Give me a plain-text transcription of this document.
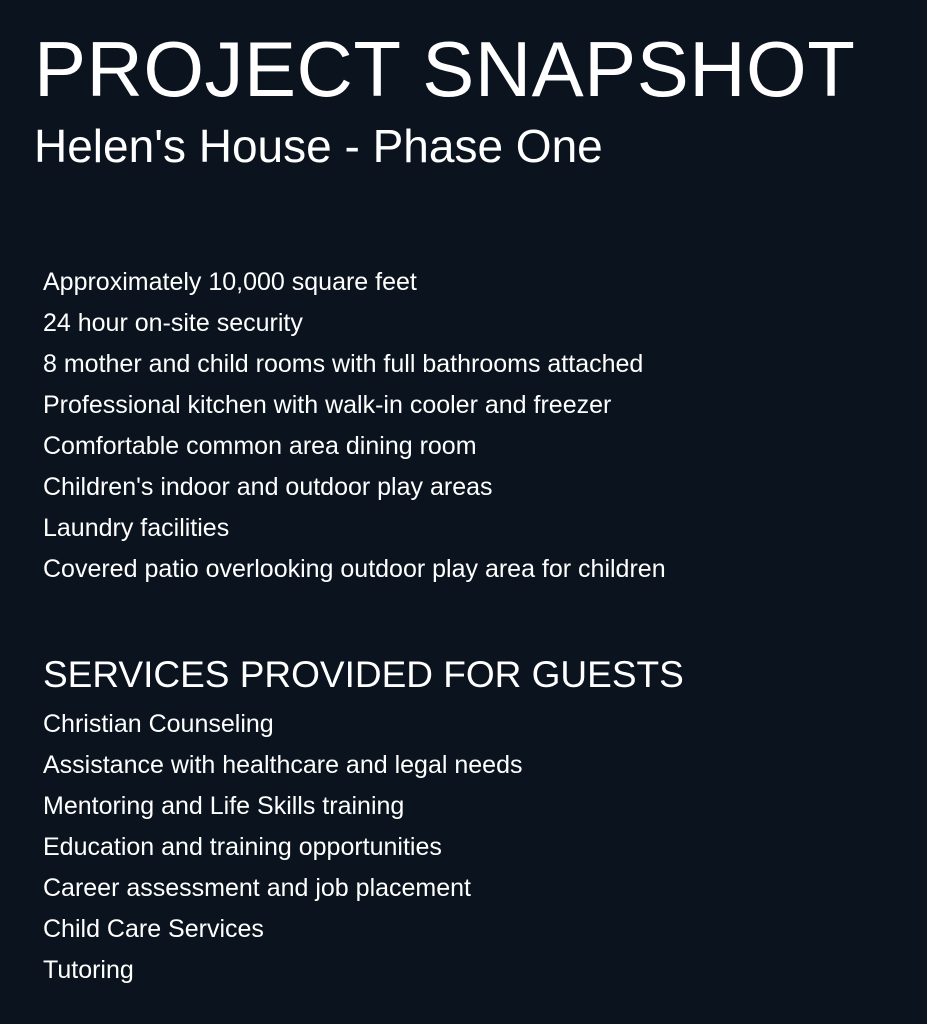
PROJECT SNAPSHOT
Helen's House - Phase One
Approximately 10,000 square feet
24 hour on-site security
8 mother and child rooms with full bathrooms attached
Professional kitchen with walk-in cooler and freezer
Comfortable common area dining room
Children's indoor and outdoor play areas
Laundry facilities
Covered patio overlooking outdoor play area for children
SERVICES PROVIDED FOR GUESTS
Christian Counseling
Assistance with healthcare and legal needs
Mentoring and Life Skills training
Education and training opportunities
Career assessment and job placement
Child Care Services
Tutoring
